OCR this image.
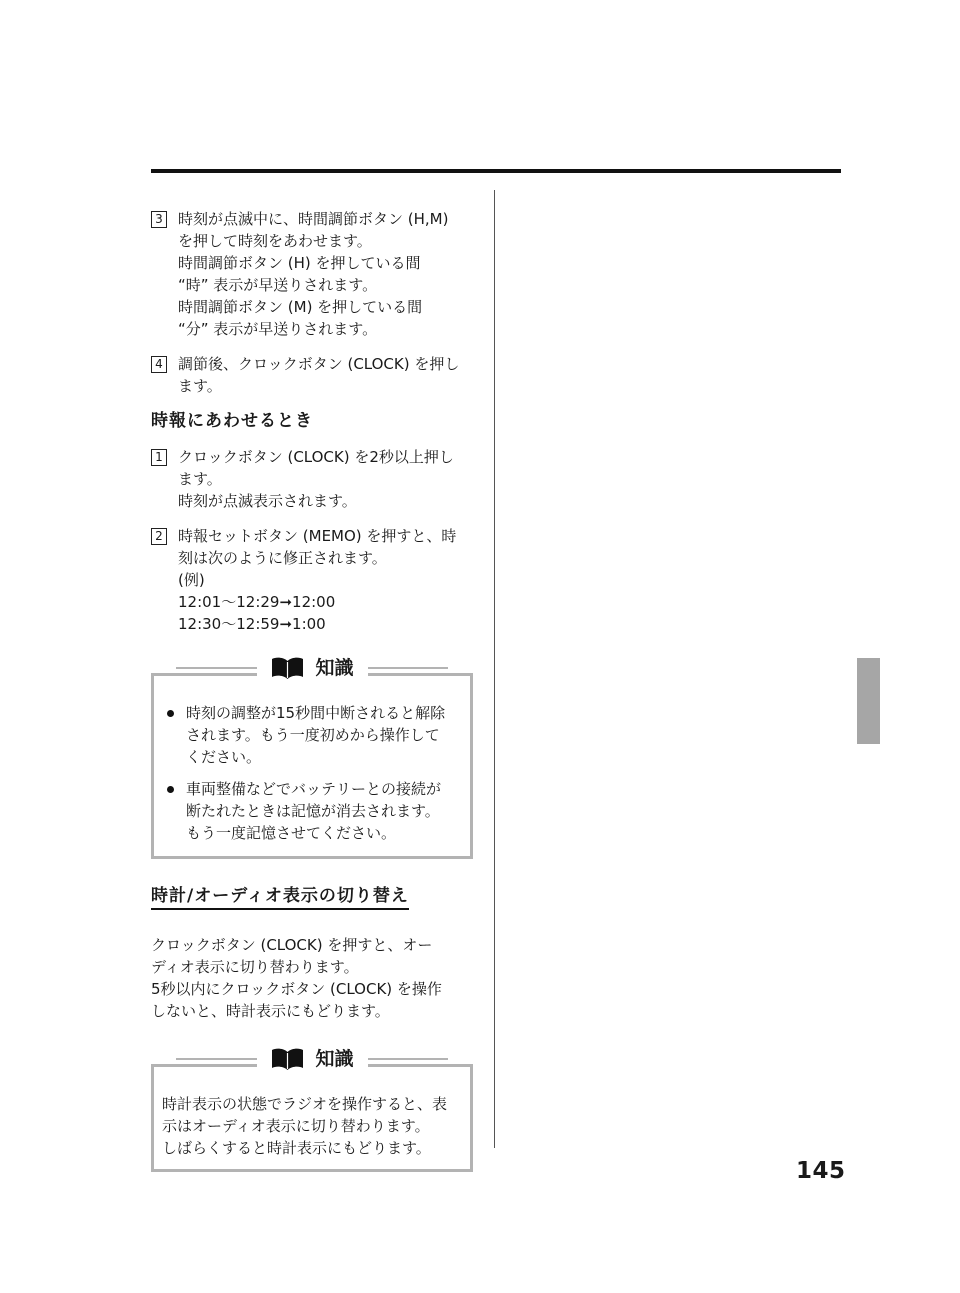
3 時刻が点滅中に、時間調節ボタン (H,M)
を押して時刻をあわせます。
時間調節ボタン (H) を押している間
“時” 表示が早送りされます。
時間調節ボタン (M) を押している間
“分” 表示が早送りされます。
4 調節後、クロックボタン (CLOCK) を押し
ます。
時報にあわせるとき
1 クロックボタン (CLOCK) を2秒以上押し
ます。
時刻が点滅表示されます。
2 時報セットボタン (MEMO) を押すと、時
刻は次のように修正されます。
(例)
12:01〜12:29➞12:00
12:30〜12:59➞1:00
知識
時刻の調整が15秒間中断されると解除
されます。もう一度初めから操作して
ください。
車両整備などでバッテリーとの接続が
断たれたときは記憶が消去されます。
もう一度記憶させてください。
時計/オーディオ表示の切り替え
クロックボタン (CLOCK) を押すと、オー
ディオ表示に切り替わります。
5秒以内にクロックボタン (CLOCK) を操作
しないと、時計表示にもどります。
知識
時計表示の状態でラジオを操作すると、表
示はオーディオ表示に切り替わります。
しばらくすると時計表示にもどります。
145
